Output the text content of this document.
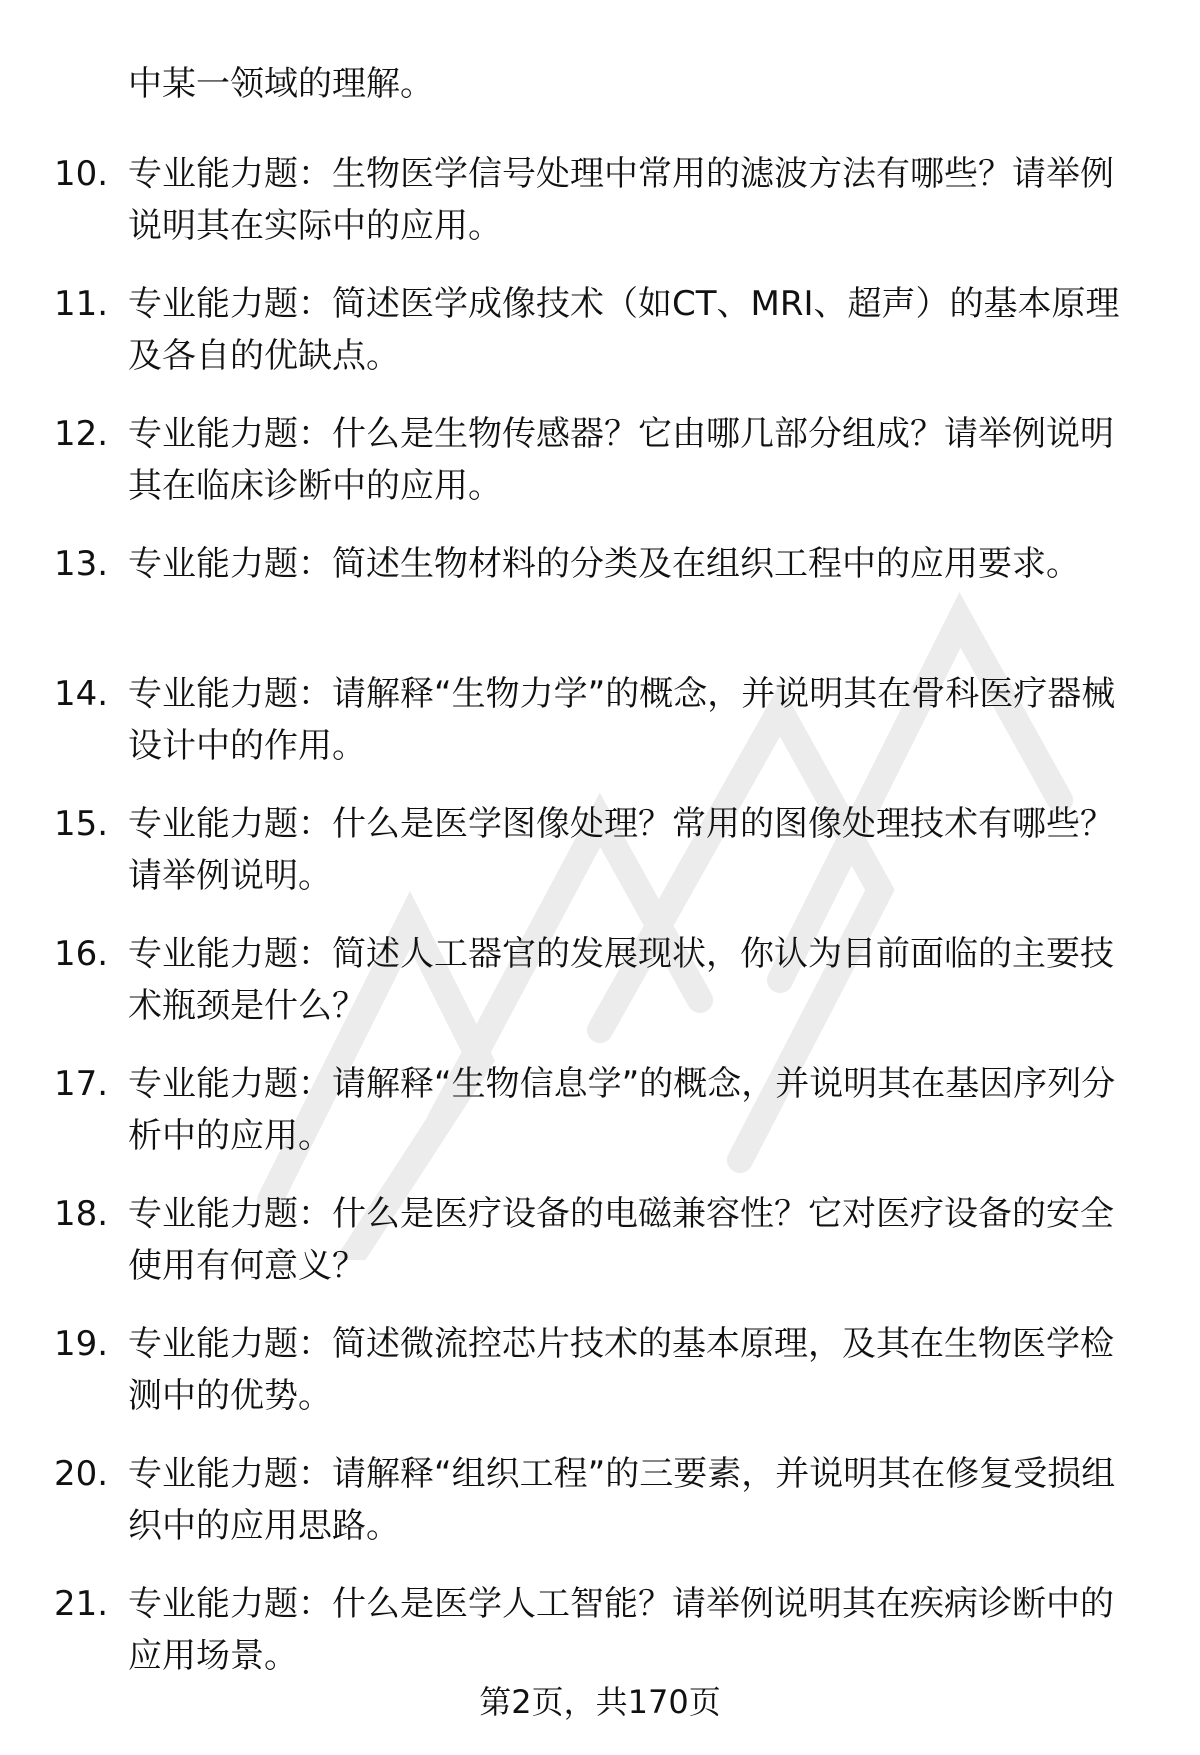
中某一领域的理解。
10. 专业能力题：生物医学信号处理中常用的滤波方法有哪些？请举例说明其在实际中的应用。
11. 专业能力题：简述医学成像技术（如CT、MRI、超声）的基本原理及各自的优缺点。
12. 专业能力题：什么是生物传感器？它由哪几部分组成？请举例说明其在临床诊断中的应用。
13. 专业能力题：简述生物材料的分类及在组织工程中的应用要求。
14. 专业能力题：请解释“生物力学”的概念，并说明其在骨科医疗器械设计中的作用。
15. 专业能力题：什么是医学图像处理？常用的图像处理技术有哪些？请举例说明。
16. 专业能力题：简述人工器官的发展现状，你认为目前面临的主要技术瓶颈是什么？
17. 专业能力题：请解释“生物信息学”的概念，并说明其在基因序列分析中的应用。
18. 专业能力题：什么是医疗设备的电磁兼容性？它对医疗设备的安全使用有何意义？
19. 专业能力题：简述微流控芯片技术的基本原理，及其在生物医学检测中的优势。
20. 专业能力题：请解释“组织工程”的三要素，并说明其在修复受损组织中的应用思路。
21. 专业能力题：什么是医学人工智能？请举例说明其在疾病诊断中的应用场景。
第2页，共170页
